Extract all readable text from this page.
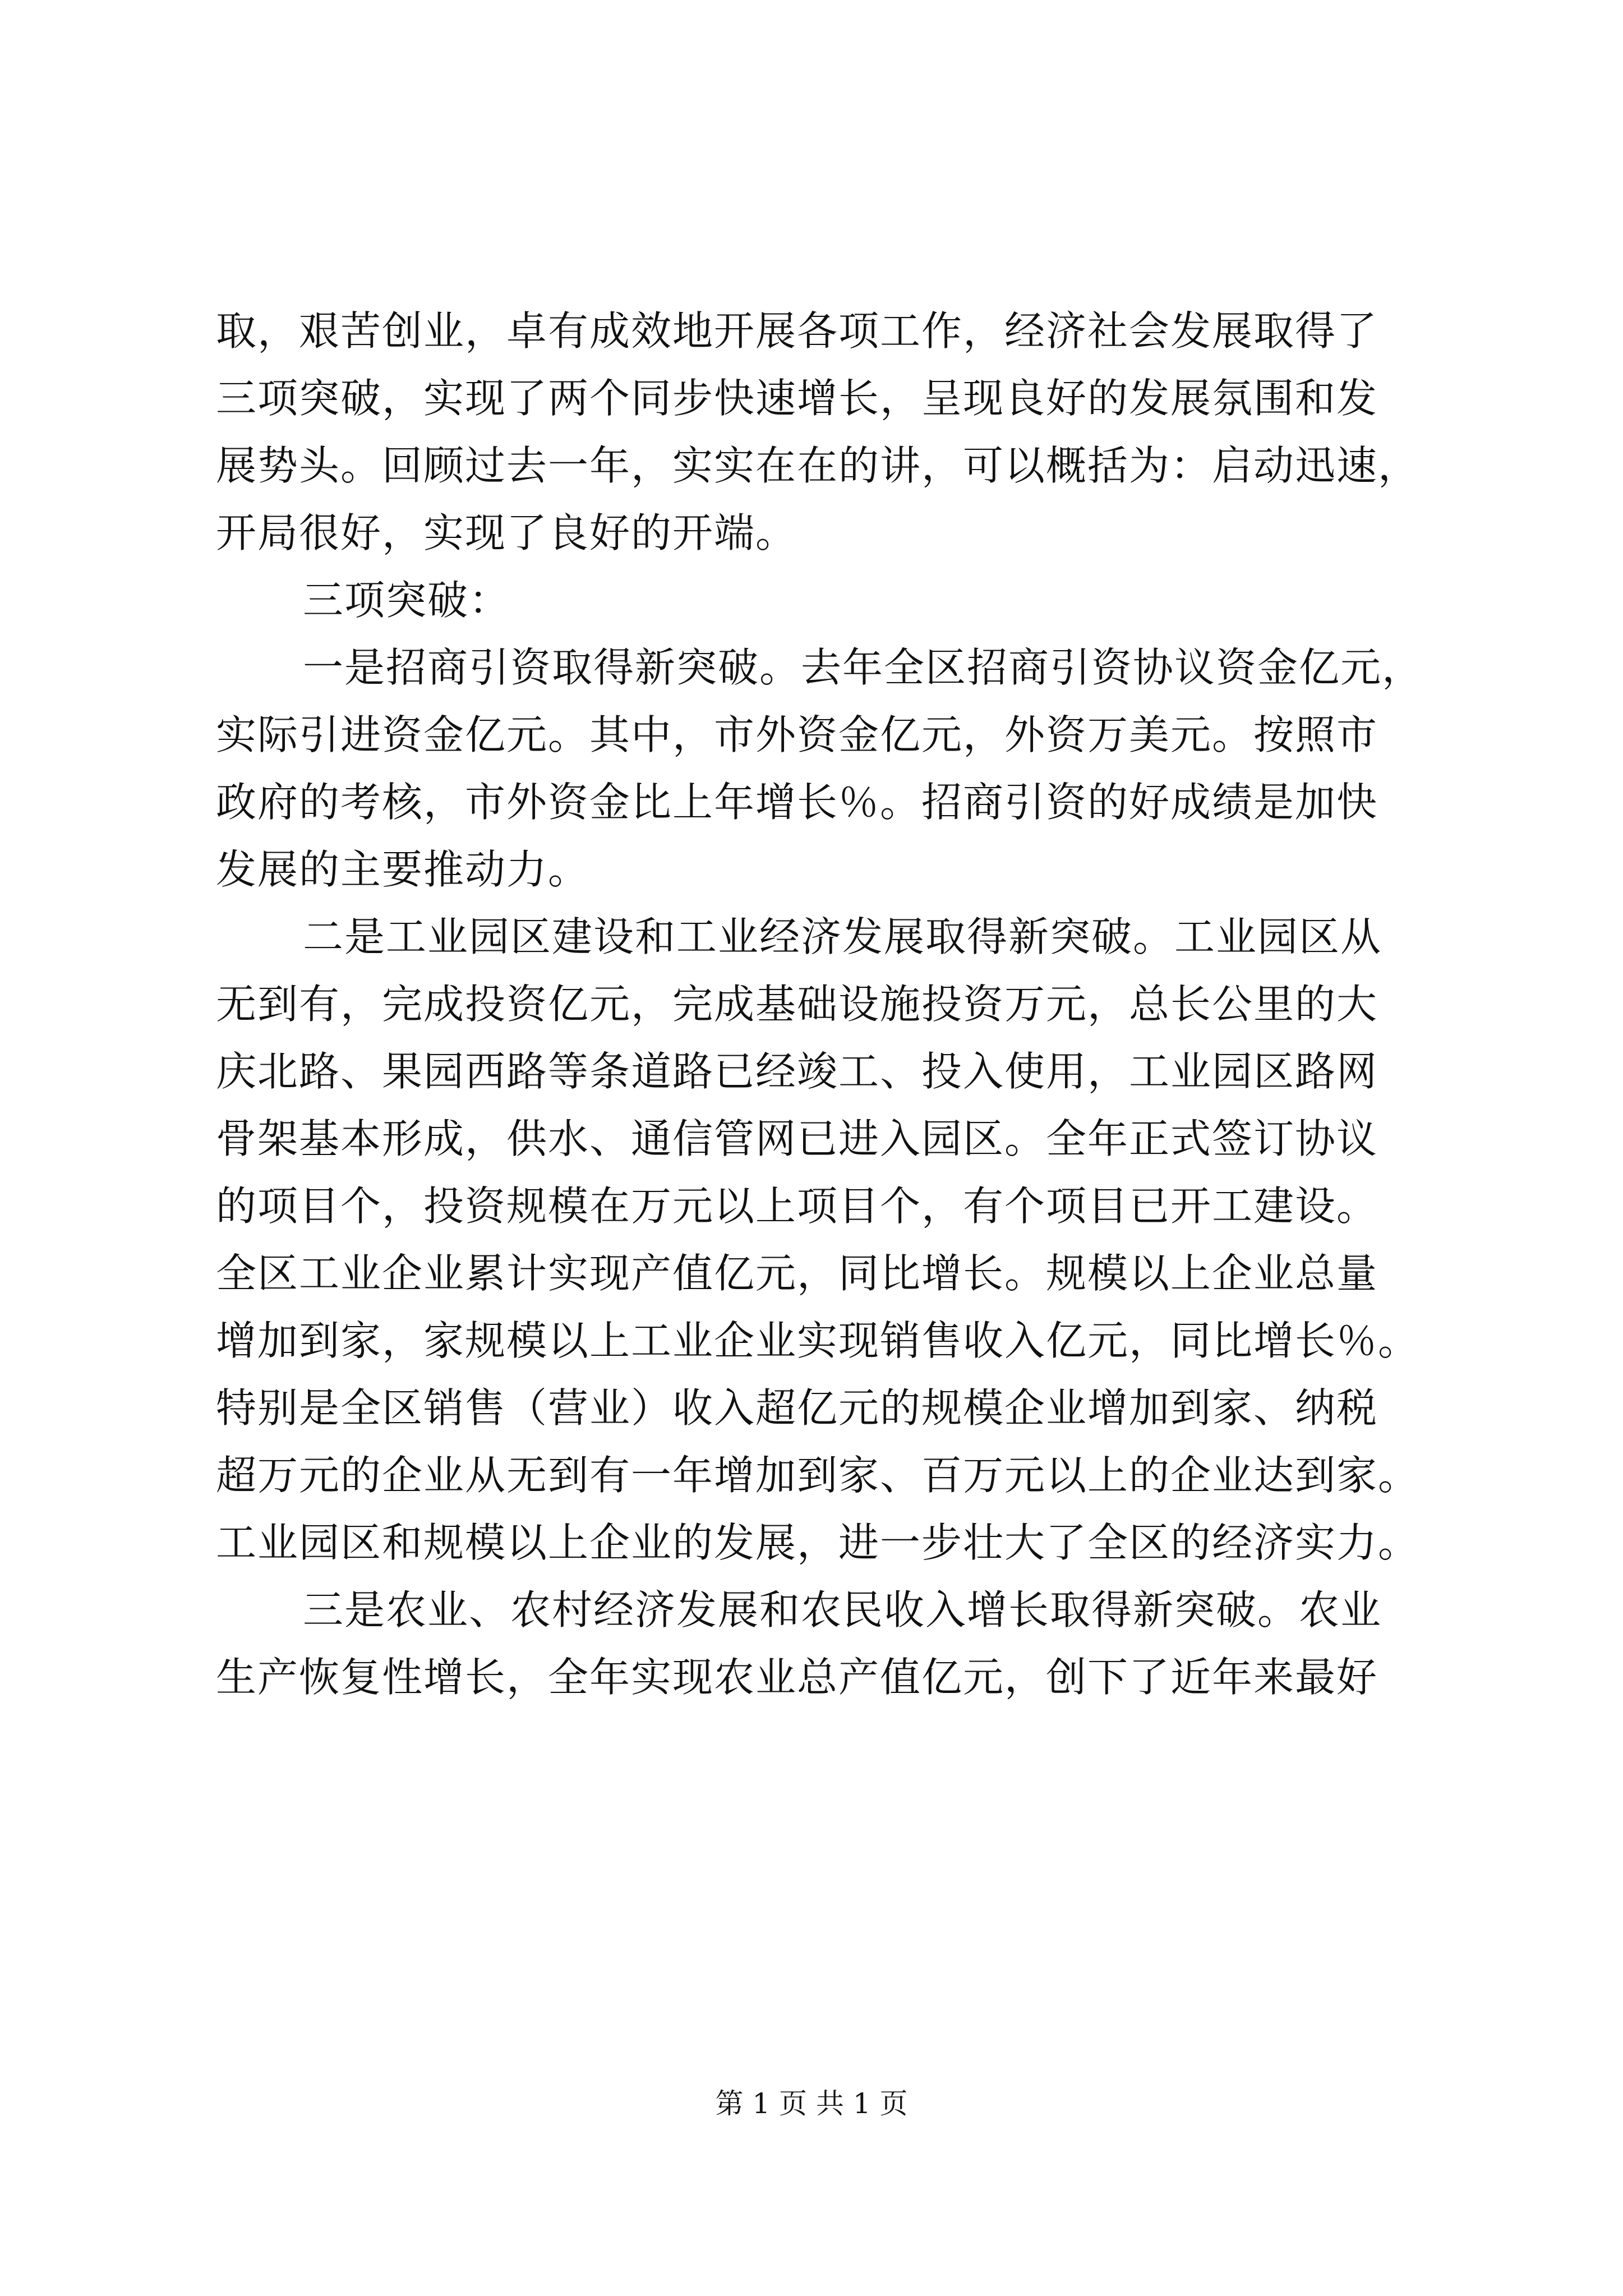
取，艰苦创业，卓有成效地开展各项工作，经济社会发展取得了
三项突破，实现了两个同步快速增长，呈现良好的发展氛围和发
展势头。回顾过去一年，实实在在的讲，可以概括为：启动迅速，
开局很好，实现了良好的开端。
三项突破：
一是招商引资取得新突破。去年全区招商引资协议资金亿元，
实际引进资金亿元。其中，市外资金亿元，外资万美元。按照市
政府的考核，市外资金比上年增长％。招商引资的好成绩是加快
发展的主要推动力。
二是工业园区建设和工业经济发展取得新突破。工业园区从
无到有，完成投资亿元，完成基础设施投资万元，总长公里的大
庆北路、果园西路等条道路已经竣工、投入使用，工业园区路网
骨架基本形成，供水、通信管网已进入园区。全年正式签订协议
的项目个，投资规模在万元以上项目个，有个项目已开工建设。
全区工业企业累计实现产值亿元，同比增长。规模以上企业总量
增加到家，家规模以上工业企业实现销售收入亿元，同比增长％。
特别是全区销售（营业）收入超亿元的规模企业增加到家、纳税
超万元的企业从无到有一年增加到家、百万元以上的企业达到家。
工业园区和规模以上企业的发展，进一步壮大了全区的经济实力。
三是农业、农村经济发展和农民收入增长取得新突破。农业
生产恢复性增长，全年实现农业总产值亿元，创下了近年来最好
第 1 页 共 1 页
